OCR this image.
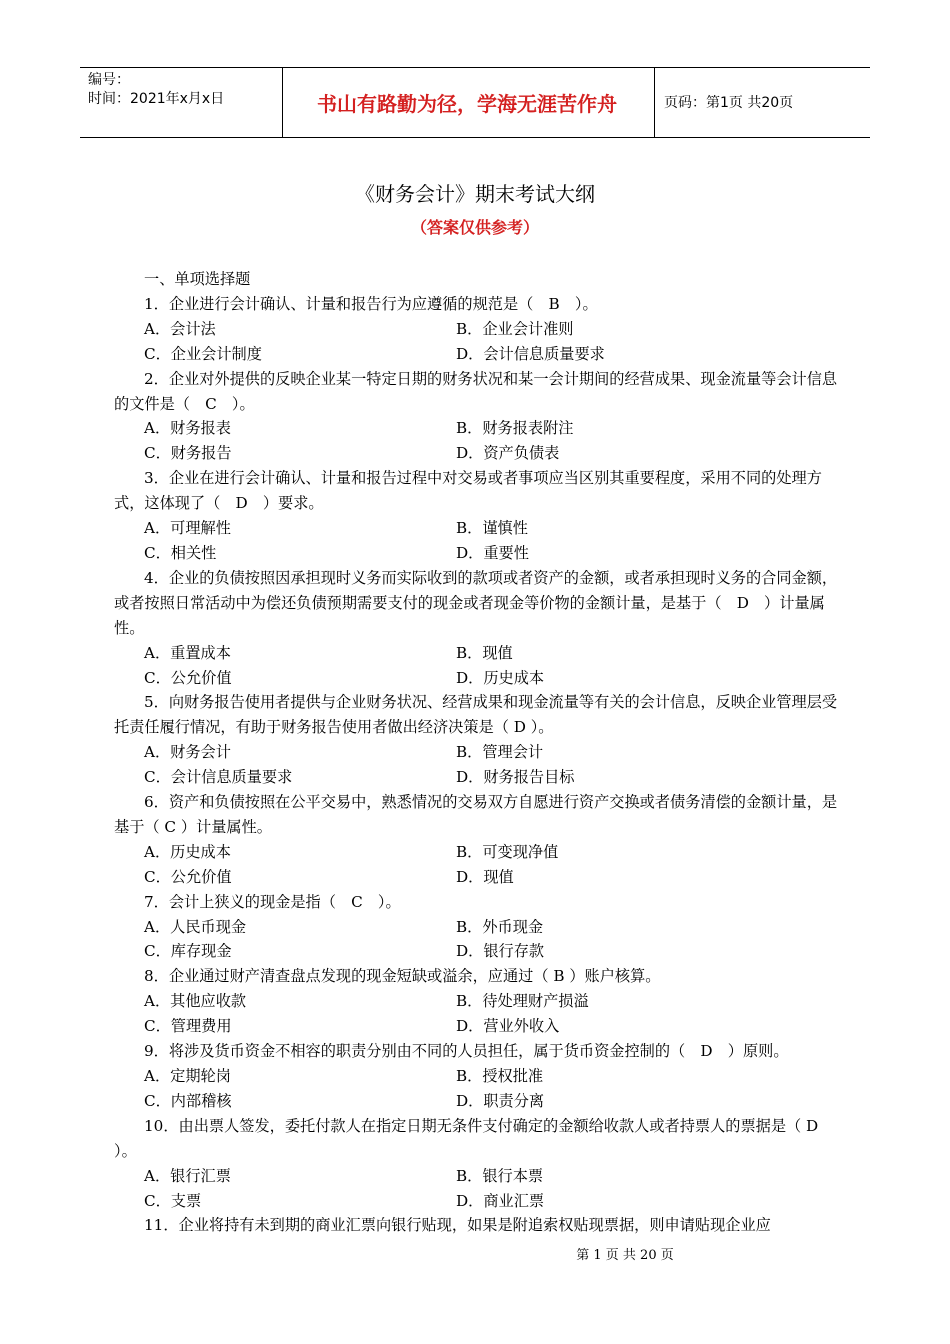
编号：
时间：2021年x月x日	书山有路勤为径，学海无涯苦作舟	页码：第1页 共20页
《财务会计》期末考试大纲
（答案仅供参考）

一、单项选择题

1．企业进行会计确认、计量和报告行为应遵循的规范是（　B　）。

A．会计法	B．企业会计准则
C．企业会计制度	D．会计信息质量要求

2．企业对外提供的反映企业某一特定日期的财务状况和某一会计期间的经营成果、现金流量等会计信息的文件是（　C　）。

A．财务报表	B．财务报表附注
C．财务报告	D．资产负债表

3．企业在进行会计确认、计量和报告过程中对交易或者事项应当区别其重要程度，采用不同的处理方式，这体现了（　D　）要求。

A．可理解性	B．谨慎性
C．相关性	D．重要性

4．企业的负债按照因承担现时义务而实际收到的款项或者资产的金额，或者承担现时义务的合同金额，或者按照日常活动中为偿还负债预期需要支付的现金或者现金等价物的金额计量，是基于（　D　）计量属性。

A．重置成本	B．现值
C．公允价值	D．历史成本

5．向财务报告使用者提供与企业财务状况、经营成果和现金流量等有关的会计信息，反映企业管理层受托责任履行情况，有助于财务报告使用者做出经济决策是（ D ）。

A．财务会计	B．管理会计
C．会计信息质量要求	D．财务报告目标

6．资产和负债按照在公平交易中，熟悉情况的交易双方自愿进行资产交换或者债务清偿的金额计量，是基于（ C ）计量属性。

A．历史成本	B．可变现净值
C．公允价值	D．现值

7．会计上狭义的现金是指（　C　）。

A．人民币现金	B．外币现金
C．库存现金	D．银行存款

8．企业通过财产清查盘点发现的现金短缺或溢余，应通过（ B ）账户核算。

A．其他应收款	B．待处理财产损溢
C．管理费用	D．营业外收入

9．将涉及货币资金不相容的职责分别由不同的人员担任，属于货币资金控制的（　D　）原则。

A．定期轮岗	B．授权批准
C．内部稽核	D．职责分离

10．由出票人签发，委托付款人在指定日期无条件支付确定的金额给收款人或者持票人的票据是（ D ）。

A．银行汇票	B．银行本票
C．支票	D．商业汇票

11．企业将持有未到期的商业汇票向银行贴现，如果是附追索权贴现票据，则申请贴现企业应

第 1 页 共 20 页
